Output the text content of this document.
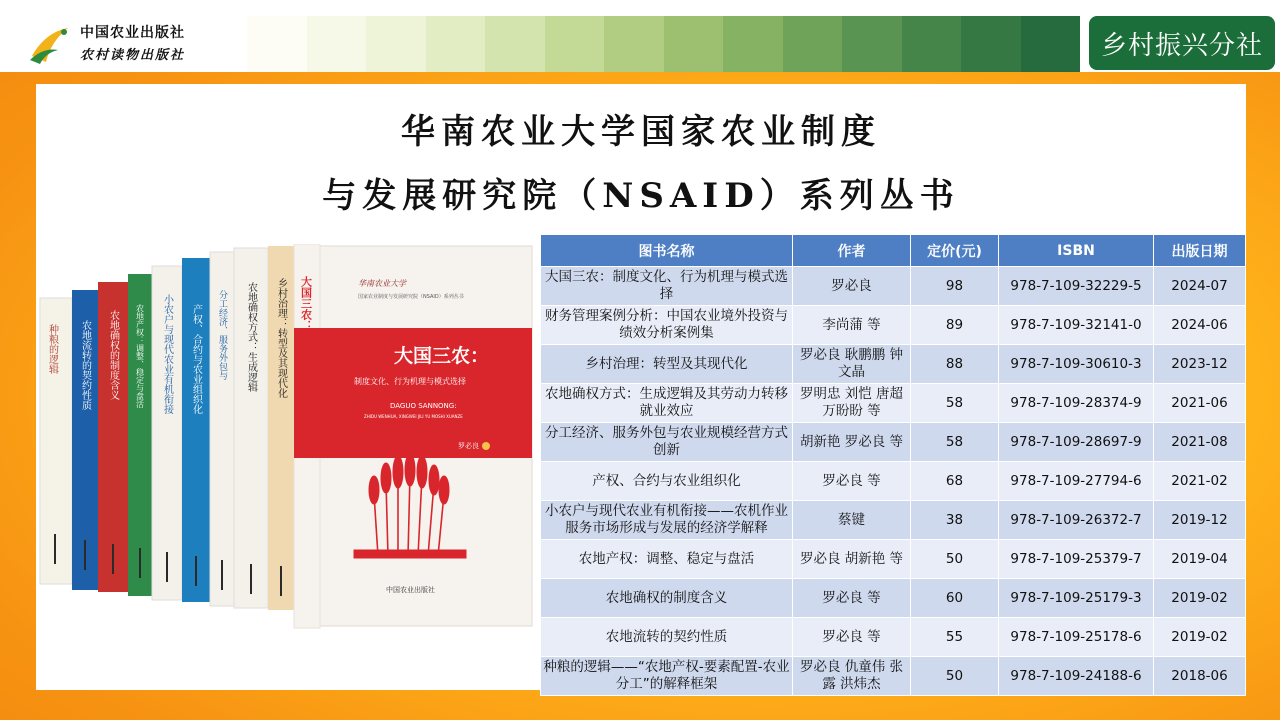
中国农业出版社
农村读物出版社	乡村振兴分社
华南农业大学国家农业制度
与发展研究院（NSAID）系列丛书
种粮的逻辑 农地流转的契约性质 农地确权的制度含义 农地产权：调整、稳定与盘活 小农户与现代农业有机衔接 产权、合约与农业组织化 分工经济、服务外包与 农地确权方式：生成逻辑 乡村治理：转型及其现代化 大国三农：	华南农业大学
国家农业制度与发展研究院（NSAID）系列丛书
大国三农：
制度文化、行为机理与模式选择
DAGUO SANNONG:
ZHIDU WENHUA, XINGWEI JILI YU MOSHI XUANZE
罗必良
中国农业出版社
图书名称	作者	定价(元)	ISBN	出版日期
大国三农：制度文化、行为机理与模式选择	罗必良	98	978-7-109-32229-5	2024-07
财务管理案例分析：中国农业境外投资与绩效分析案例集	李尚蒲 等	89	978-7-109-32141-0	2024-06
乡村治理：转型及其现代化	罗必良 耿鹏鹏 钟文晶	88	978-7-109-30610-3	2023-12
农地确权方式：生成逻辑及其劳动力转移就业效应	罗明忠 刘恺 唐超 万盼盼 等	58	978-7-109-28374-9	2021-06
分工经济、服务外包与农业规模经营方式创新	胡新艳 罗必良 等	58	978-7-109-28697-9	2021-08
产权、合约与农业组织化	罗必良 等	68	978-7-109-27794-6	2021-02
小农户与现代农业有机衔接——农机作业服务市场形成与发展的经济学解释	蔡键	38	978-7-109-26372-7	2019-12
农地产权：调整、稳定与盘活	罗必良 胡新艳 等	50	978-7-109-25379-7	2019-04
农地确权的制度含义	罗必良 等	60	978-7-109-25179-3	2019-02
农地流转的契约性质	罗必良 等	55	978-7-109-25178-6	2019-02
种粮的逻辑——“农地产权-要素配置-农业分工”的解释框架	罗必良 仇童伟 张露 洪炜杰	50	978-7-109-24188-6	2018-06
